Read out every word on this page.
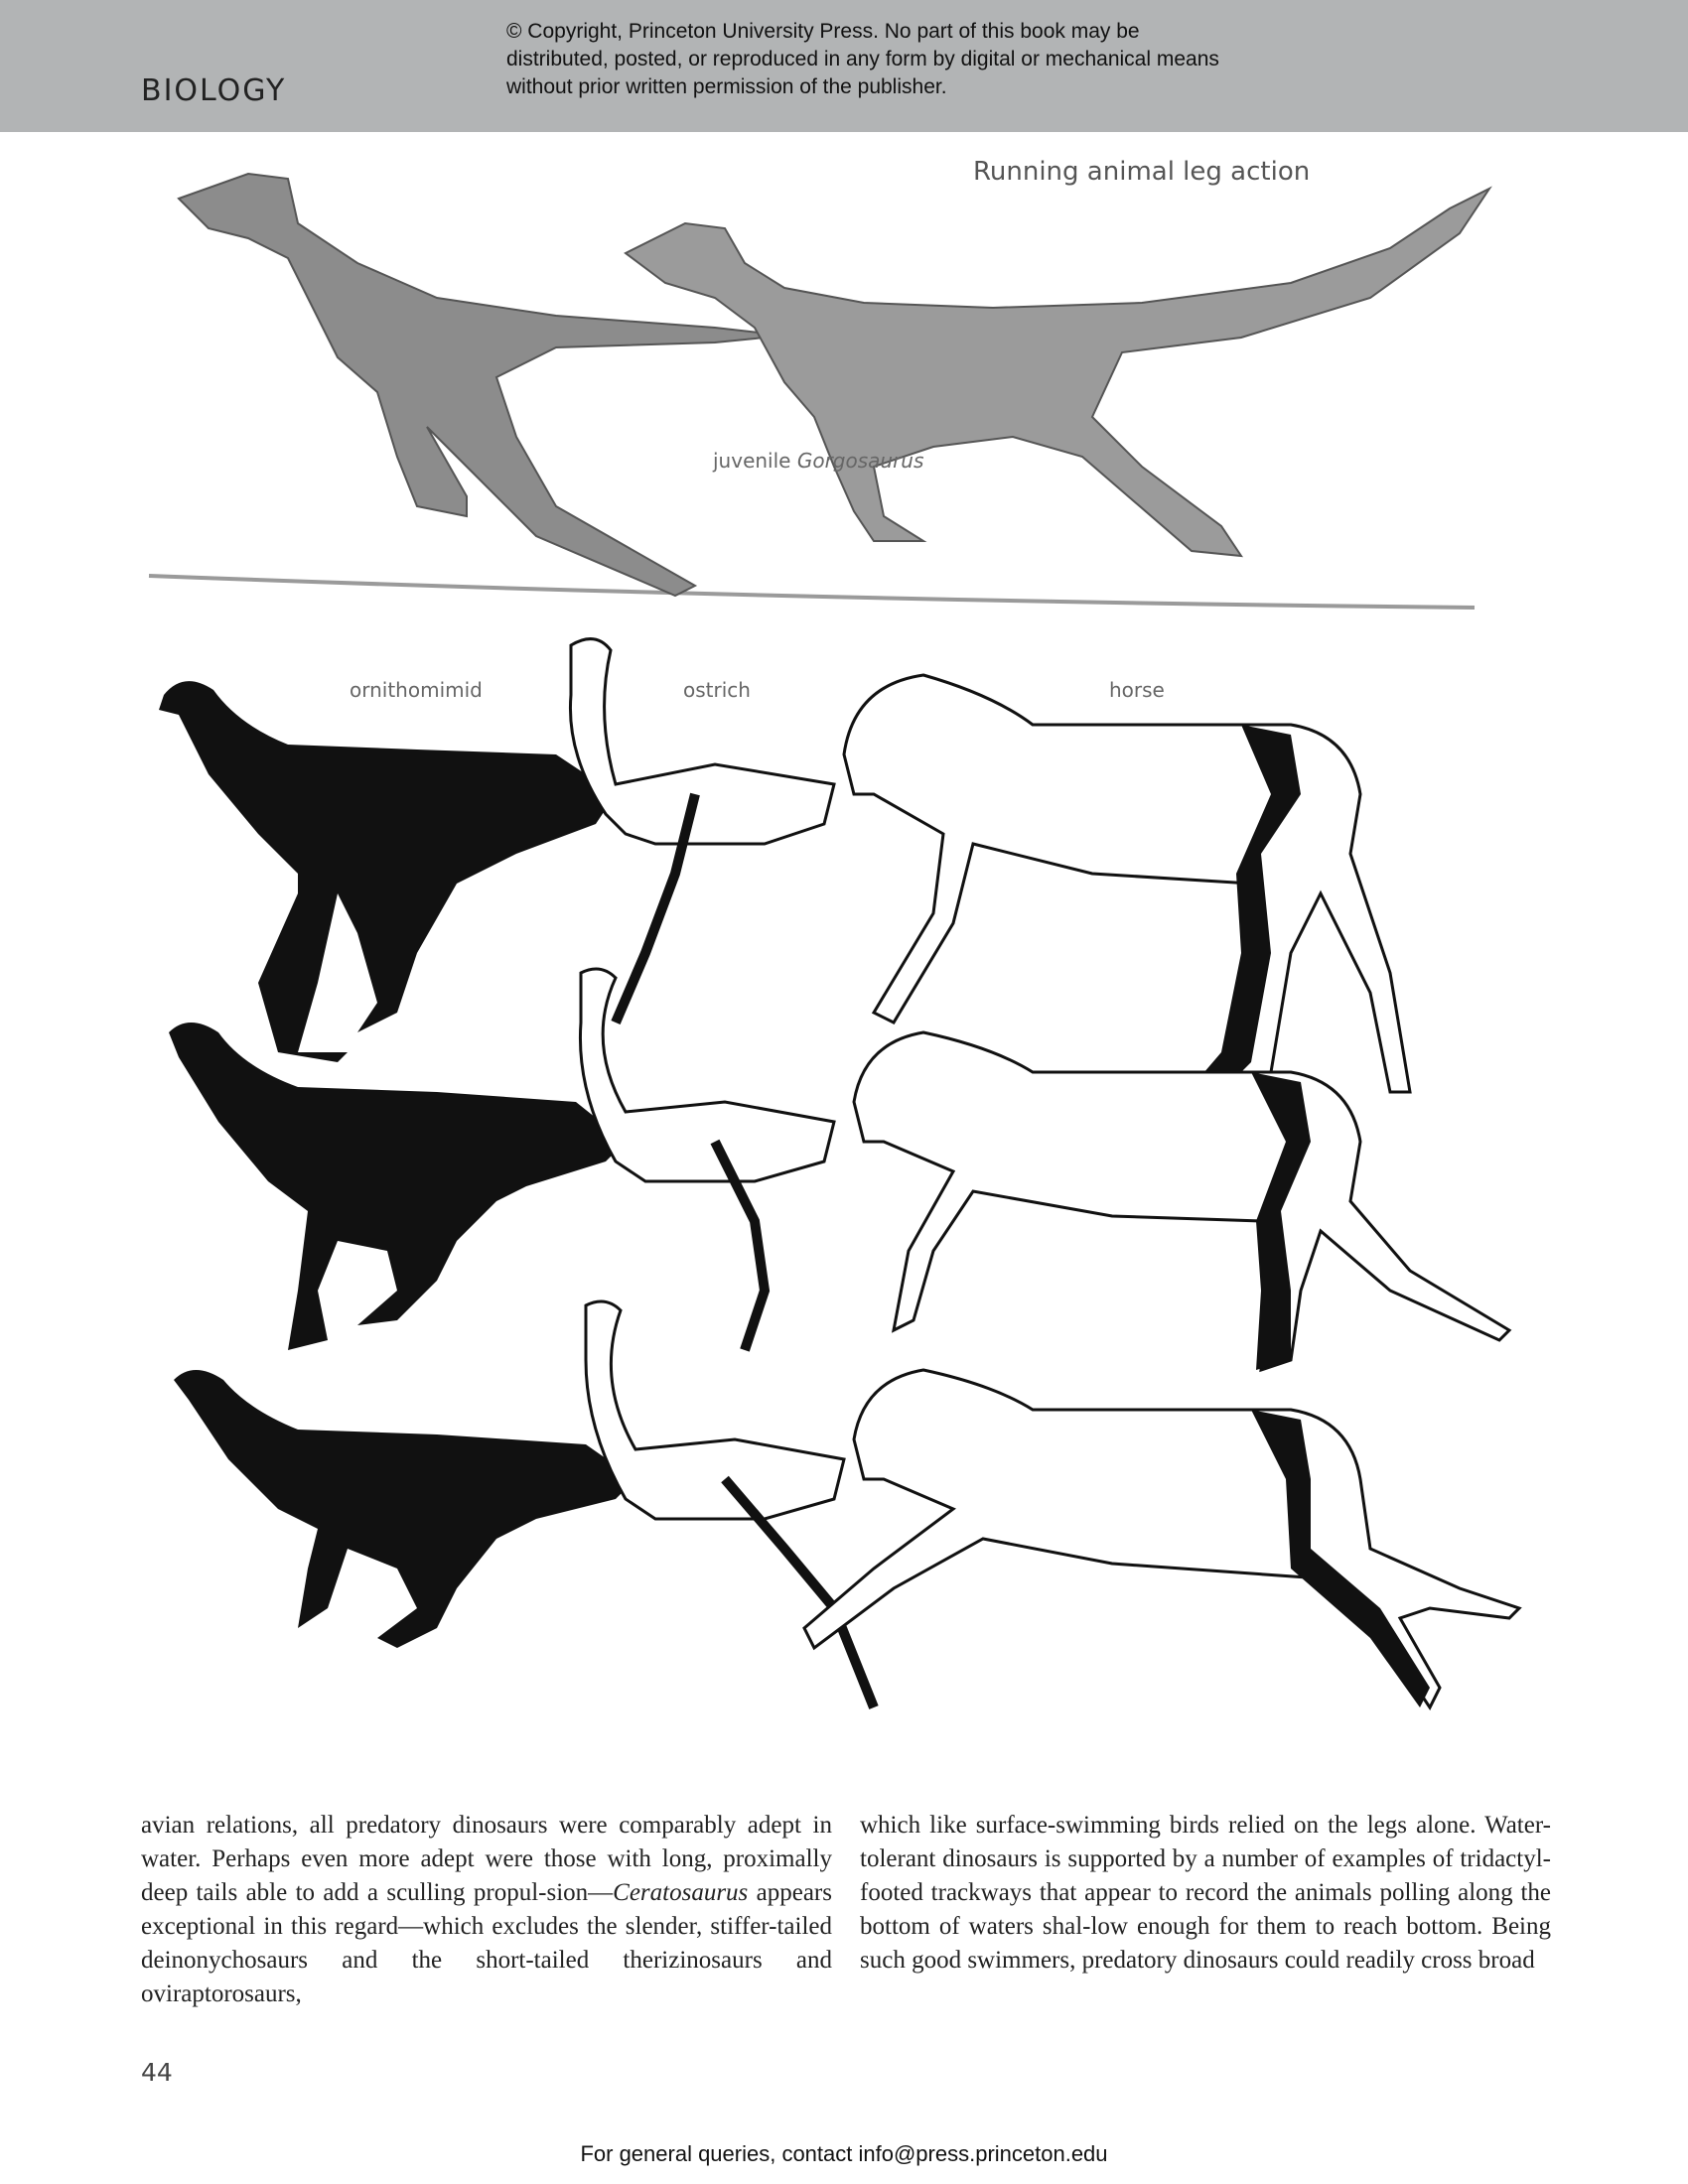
BIOLOGY
© Copyright, Princeton University Press. No part of this book may be distributed, posted, or reproduced in any form by digital or mechanical means without prior written permission of the publisher.
Running animal leg action
juvenile Gorgosaurus
ornithomimid	ostrich	horse

avian relations, all predatory dinosaurs were comparably adept in water. Perhaps even more adept were those with long, proximally deep tails able to add a sculling propul-sion—Ceratosaurus appears exceptional in this regard—which excludes the slender, stiffer-tailed deinonychosaurs and the short-tailed therizinosaurs and oviraptorosaurs,

which like surface-swimming birds relied on the legs alone. Water-tolerant dinosaurs is supported by a number of examples of tridactyl-footed trackways that appear to record the animals polling along the bottom of waters shal-low enough for them to reach bottom. Being such good swimmers, predatory dinosaurs could readily cross broad

44
For general queries, contact info@press.princeton.edu
